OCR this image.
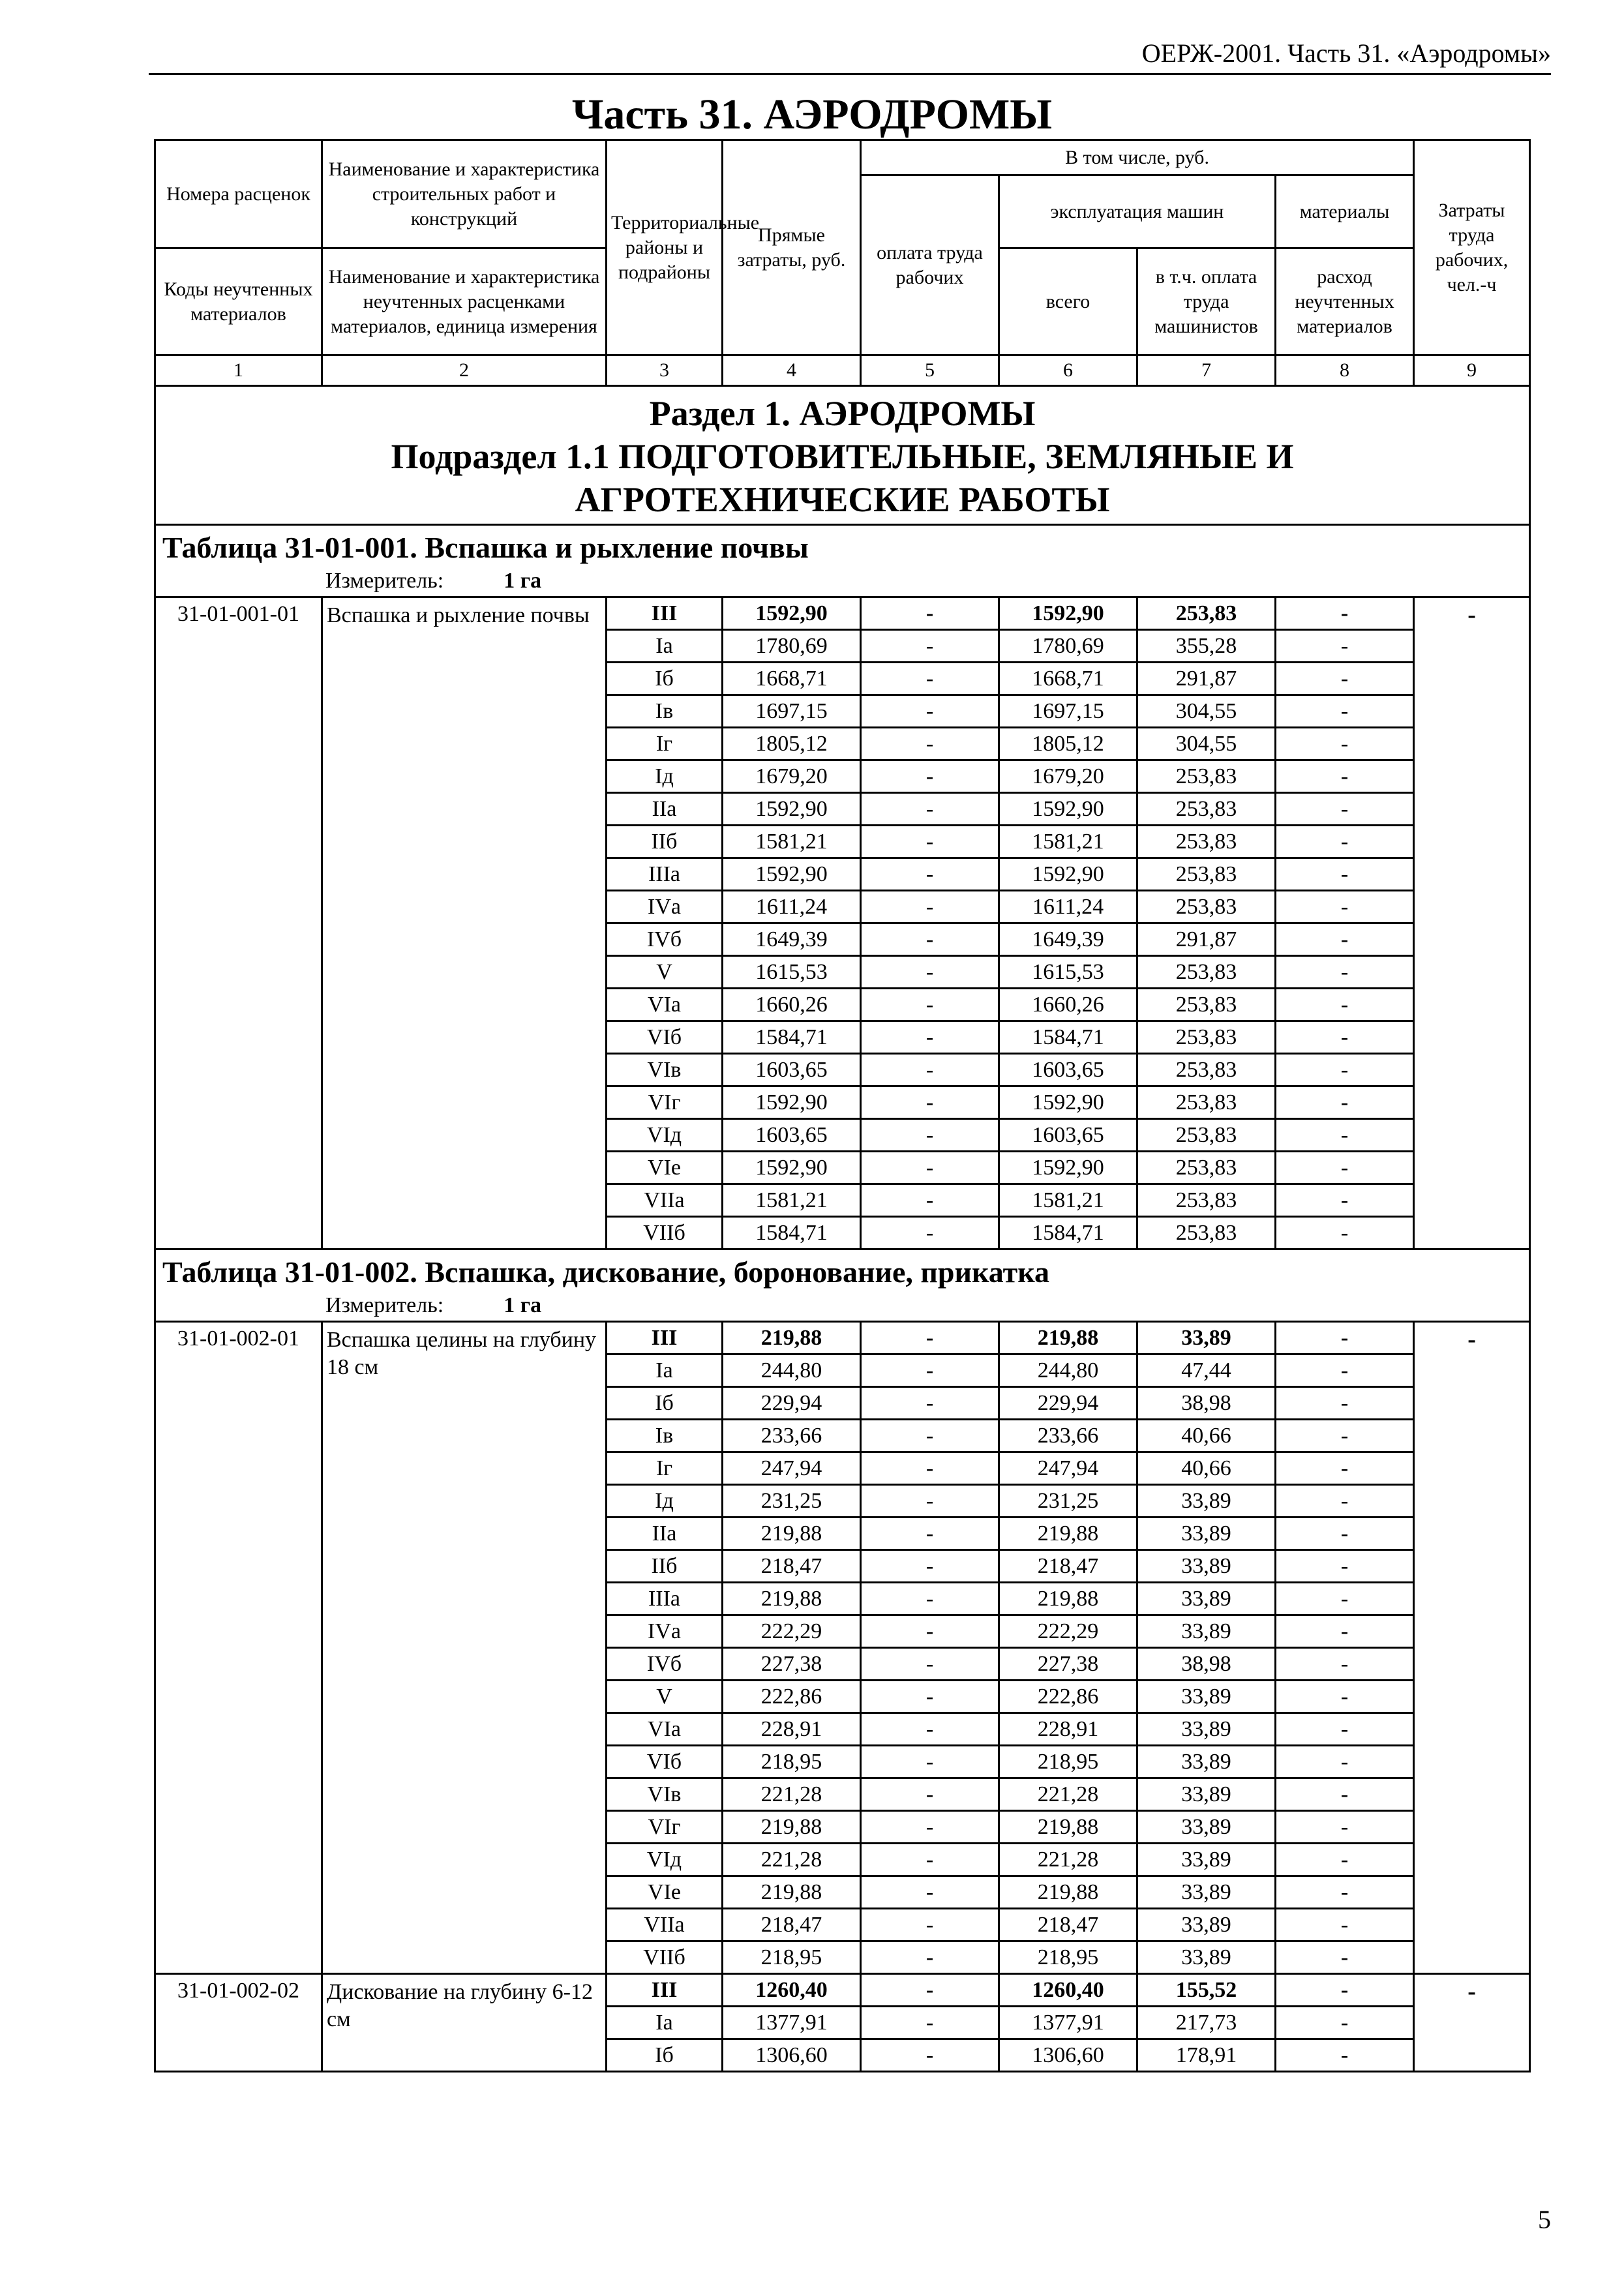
ОЕРЖ-2001. Часть 31. «Аэродромы»
Часть 31. АЭРОДРОМЫ
Номера расценок	Наименование и характеристика строительных работ и конструкций	Территориальные районы и подрайоны	Прямые затраты, руб.	В том числе, руб.				Затраты труда рабочих, чел.-ч
				оплата труда рабочих	эксплуатация машин		материалы	
Коды неучтенных материалов	Наименование и характеристика неучтенных расценками материалов, единица измерения				всего	в т.ч. оплата труда машинистов	расход неучтенных материалов	
1	2	3	4	5	6	7	8	9

Раздел 1. АЭРОДРОМЫ
Подраздел 1.1 ПОДГОТОВИТЕЛЬНЫЕ, ЗЕМЛЯНЫЕ И
АГРОТЕХНИЧЕСКИЕ РАБОТЫ								

Таблица 31-01-001. Вспашка и рыхление почвы								
Измеритель: 1 га								
31-01-001-01	Вспашка и рыхление почвы	III	1592,90	-	1592,90	253,83	-	-
		Iа	1780,69	-	1780,69	355,28	-	
		Iб	1668,71	-	1668,71	291,87	-	
		Iв	1697,15	-	1697,15	304,55	-	
		Iг	1805,12	-	1805,12	304,55	-	
		Iд	1679,20	-	1679,20	253,83	-	
		IIа	1592,90	-	1592,90	253,83	-	
		IIб	1581,21	-	1581,21	253,83	-	
		IIIа	1592,90	-	1592,90	253,83	-	
		IVа	1611,24	-	1611,24	253,83	-	
		IVб	1649,39	-	1649,39	291,87	-	
		V	1615,53	-	1615,53	253,83	-	
		VIа	1660,26	-	1660,26	253,83	-	
		VIб	1584,71	-	1584,71	253,83	-	
		VIв	1603,65	-	1603,65	253,83	-	
		VIг	1592,90	-	1592,90	253,83	-	
		VIд	1603,65	-	1603,65	253,83	-	
		VIе	1592,90	-	1592,90	253,83	-	
		VIIа	1581,21	-	1581,21	253,83	-	
		VIIб	1584,71	-	1584,71	253,83	-	
Таблица 31-01-002. Вспашка, дискование, боронование, прикатка								
Измеритель: 1 га								
31-01-002-01	Вспашка целины на глубину 18 см	III	219,88	-	219,88	33,89	-	-
		Iа	244,80	-	244,80	47,44	-	
		Iб	229,94	-	229,94	38,98	-	
		Iв	233,66	-	233,66	40,66	-	
		Iг	247,94	-	247,94	40,66	-	
		Iд	231,25	-	231,25	33,89	-	
		IIа	219,88	-	219,88	33,89	-	
		IIб	218,47	-	218,47	33,89	-	
		IIIа	219,88	-	219,88	33,89	-	
		IVа	222,29	-	222,29	33,89	-	
		IVб	227,38	-	227,38	38,98	-	
		V	222,86	-	222,86	33,89	-	
		VIа	228,91	-	228,91	33,89	-	
		VIб	218,95	-	218,95	33,89	-	
		VIв	221,28	-	221,28	33,89	-	
		VIг	219,88	-	219,88	33,89	-	
		VIд	221,28	-	221,28	33,89	-	
		VIе	219,88	-	219,88	33,89	-	
		VIIа	218,47	-	218,47	33,89	-	
		VIIб	218,95	-	218,95	33,89	-	
31-01-002-02	Дискование на глубину 6-12 см	III	1260,40	-	1260,40	155,52	-	-
		Iа	1377,91	-	1377,91	217,73	-	
		Iб	1306,60	-	1306,60	178,91	-	
5
